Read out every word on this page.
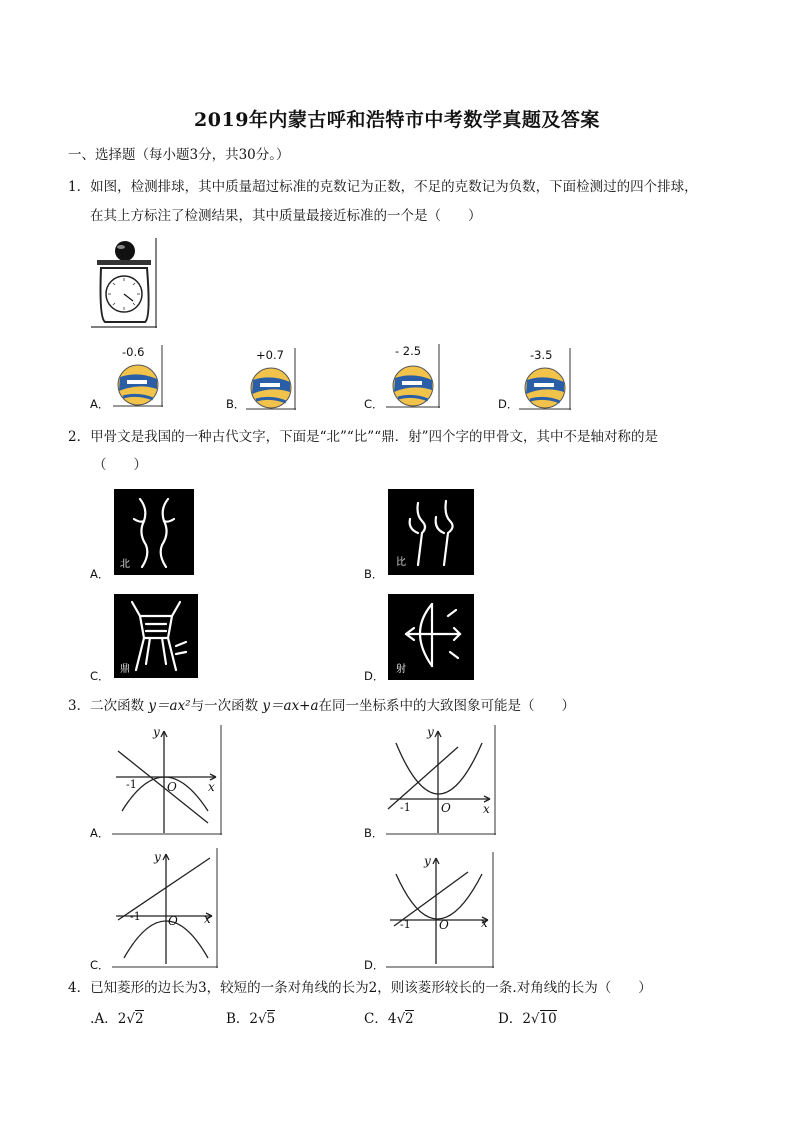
2019年内蒙古呼和浩特市中考数学真题及答案
一、选择题（每小题3分，共30分。）
1．如图，检测排球，其中质量超过标准的克数记为正数，不足的克数记为负数，下面检测过的四个排球，
在其上方标注了检测结果，其中质量最接近标准的一个是（　　）
A．
-0.6
B．
+0.7
C．
- 2.5
D．
-3.5
2．甲骨文是我国的一种古代文字，下面是“北”“比”“鼎．射”四个字的甲骨文，其中不是轴对称的是
（　　）
A．
北
B．
比
C． 鼎	D． 射
3．二次函数 y＝ax²与一次函数 y＝ax+a在同一坐标系中的大致图象可能是（　　）
A．
y
x
O
-1
B．
y
x
O
-1
C．
y
x
O
-1
D．
y
x
O
-1
4．已知菱形的边长为3，较短的一条对角线的长为2，则该菱形较长的一条․对角线的长为（　　）
․A．2√2	B．2√5	C．4√2	D．2√10
